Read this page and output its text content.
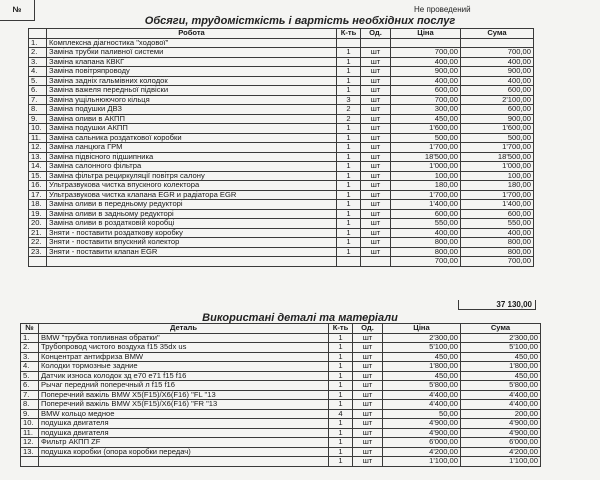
№	Не проведений
Обсяги, трудомісткість і вартість необхідних послуг
	Робота	К-ть	Од.	Ціна	Сума
1.	Комплексна діагностика "ходової"				
2.	Заміна трубки паливної системи	1	шт	700,00	700,00
3.	Заміна клапана КВКГ	1	шт	400,00	400,00
4.	Заміна повітряпроводу	1	шт	900,00	900,00
5.	Заміна задніх гальмівних колодок	1	шт	400,00	400,00
6.	Заміна важеля передньої підвіски	1	шт	600,00	600,00
7.	Заміна ущільнюючого кільця	3	шт	700,00	2'100,00
8.	Заміна подушки ДВЗ	2	шт	300,00	600,00
9.	Заміна оливи в АКПП	2	шт	450,00	900,00
10.	Заміна подушки АКПП	1	шт	1'600,00	1'600,00
11.	Заміна сальника роздаткової коробки	1	шт	500,00	500,00
12.	Заміна ланцюга ГРМ	1	шт	1'700,00	1'700,00
13.	Заміна підвісного підшипника	1	шт	18'500,00	18'500,00
14.	Заміна салонного фільтра	1	шт	1'000,00	1'000,00
15.	Заміна фільтра рециркуляції повітря салону	1	шт	100,00	100,00
16.	Ультразвукова чистка впускного колектора	1	шт	180,00	180,00
17.	Ультразвукова чистка клапана EGR и радіатора EGR	1	шт	1'700,00	1'700,00
18.	Заміна оливи в передньому редукторі	1	шт	1'400,00	1'400,00
19.	Заміна оливи в задньому редукторі	1	шт	600,00	600,00
20.	Заміна оливи в роздатковій коробці	1	шт	550,00	550,00
21.	Зняти - поставити роздаткову коробку	1	шт	400,00	400,00
22.	Зняти - поставити впускний колектор	1	шт	800,00	800,00
23.	Зняти - поставити клапан EGR	1	шт	800,00	800,00
				700,00	700,00
37 130,00
Використані деталі та матеріали
№	Деталь	К-ть	Од.	Ціна	Сума
1.	BMW "трубка топливная обратки"	1	шт	2'300,00	2'300,00
2.	Трубопровод чистого воздуха f15 35dx us	1	шт	5'100,00	5'100,00
3.	Концентрат антифриза BMW	1	шт	450,00	450,00
4.	Колодки тормозные задние	1	шт	1'800,00	1'800,00
5.	Датчик износа колодок зд e70 e71 f15 f16	1	шт	450,00	450,00
6.	Рычаг передний поперечный л f15 f16	1	шт	5'800,00	5'800,00
7.	Поперечний важіль BMW X5(F15)/X6(F16) "FL "13	1	шт	4'400,00	4'400,00
8.	Поперечний важіль BMW X5(F15)/X6(F16) "FR "13	1	шт	4'400,00	4'400,00
9.	BMW кольцо медное	4	шт	50,00	200,00
10.	подушка двигателя	1	шт	4'900,00	4'900,00
11.	подушка двигателя	1	шт	4'900,00	4'900,00
12.	Фильтр АКПП ZF	1	шт	6'000,00	6'000,00
13.	подушка коробки (опора коробки передач)	1	шт	4'200,00	4'200,00
		1	шт	1'100,00	1'100,00
